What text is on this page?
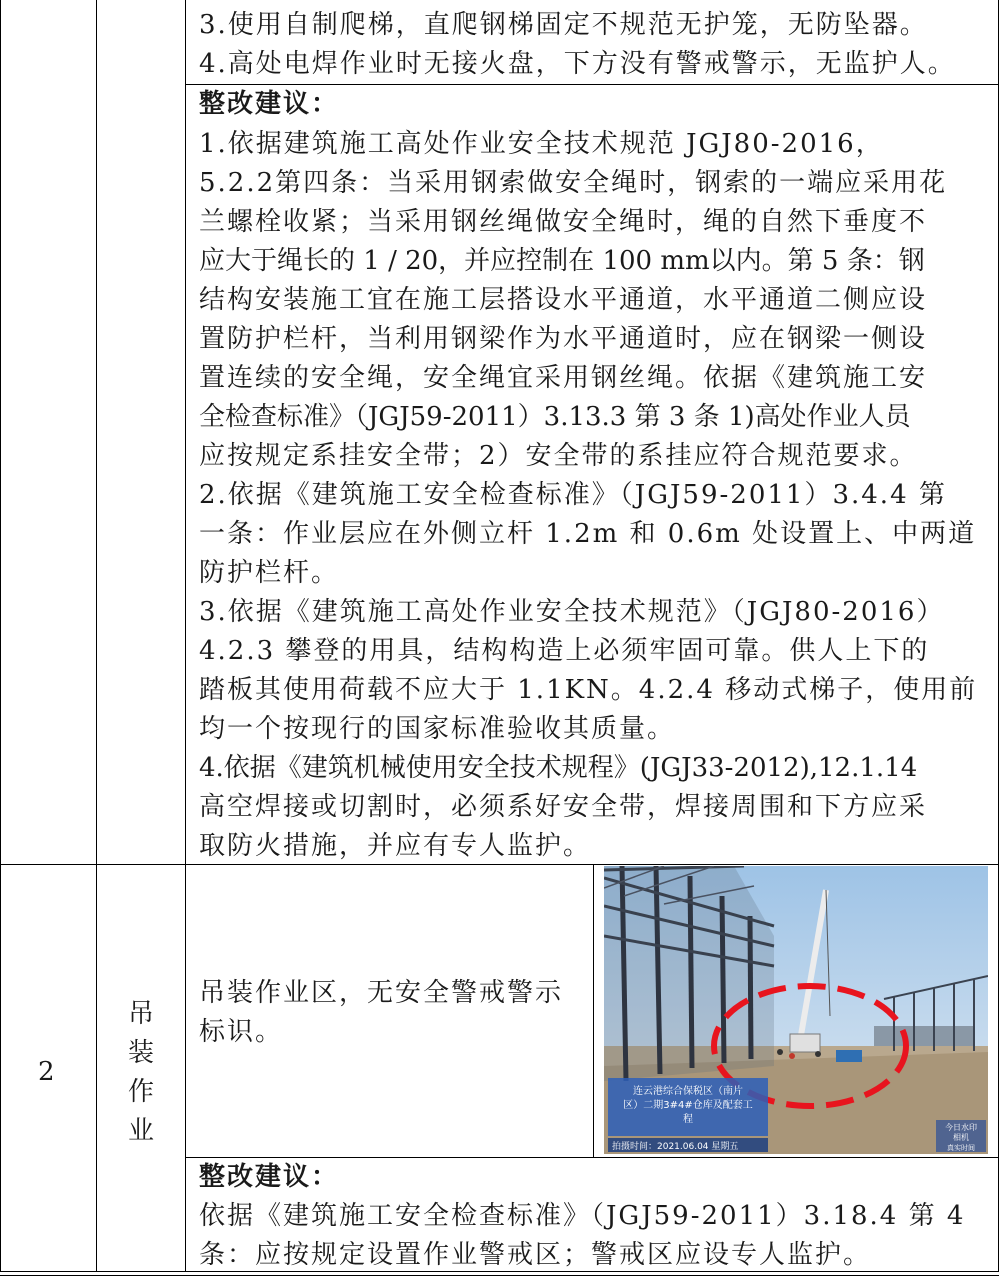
3.使用自制爬梯，直爬钢梯固定不规范无护笼，无防坠器。
4.高处电焊作业时无接火盘，下方没有警戒警示，无监护人。
整改建议：
1.依据建筑施工高处作业安全技术规范 JGJ80-2016，
5.2.2第四条：当采用钢索做安全绳时，钢索的一端应采用花
兰螺栓收紧；当采用钢丝绳做安全绳时，绳的自然下垂度不
应大于绳长的 1 / 20，并应控制在 100 mm以内。第 5 条：钢
结构安装施工宜在施工层搭设水平通道，水平通道二侧应设
置防护栏杆，当利用钢梁作为水平通道时，应在钢梁一侧设
置连续的安全绳，安全绳宜采用钢丝绳。依据《建筑施工安
全检查标准》（JGJ59-2011）3.13.3 第 3 条 1)高处作业人员
应按规定系挂安全带；2）安全带的系挂应符合规范要求。
2.依据《建筑施工安全检查标准》（JGJ59-2011）3.4.4 第
一条：作业层应在外侧立杆 1.2m 和 0.6m 处设置上、中两道
防护栏杆。
3.依据《建筑施工高处作业安全技术规范》（JGJ80-2016）
4.2.3 攀登的用具，结构构造上必须牢固可靠。供人上下的
踏板其使用荷载不应大于 1.1KN。4.2.4 移动式梯子，使用前
均一个按现行的国家标准验收其质量。
4.依据《建筑机械使用安全技术规程》(JGJ33-2012),12.1.14
高空焊接或切割时，必须系好安全带，焊接周围和下方应采
取防火措施，并应有专人监护。
2
吊
装
作
业
吊装作业区，无安全警戒警示
标识。
连云港综合保税区（南片
区）二期3#4#仓库及配套工
程
拍摄时间：2021.06.04 星期五
今日水印
相机
真实时间
整改建议：
依据《建筑施工安全检查标准》（JGJ59-2011）3.18.4 第 4
条：应按规定设置作业警戒区；警戒区应设专人监护。
